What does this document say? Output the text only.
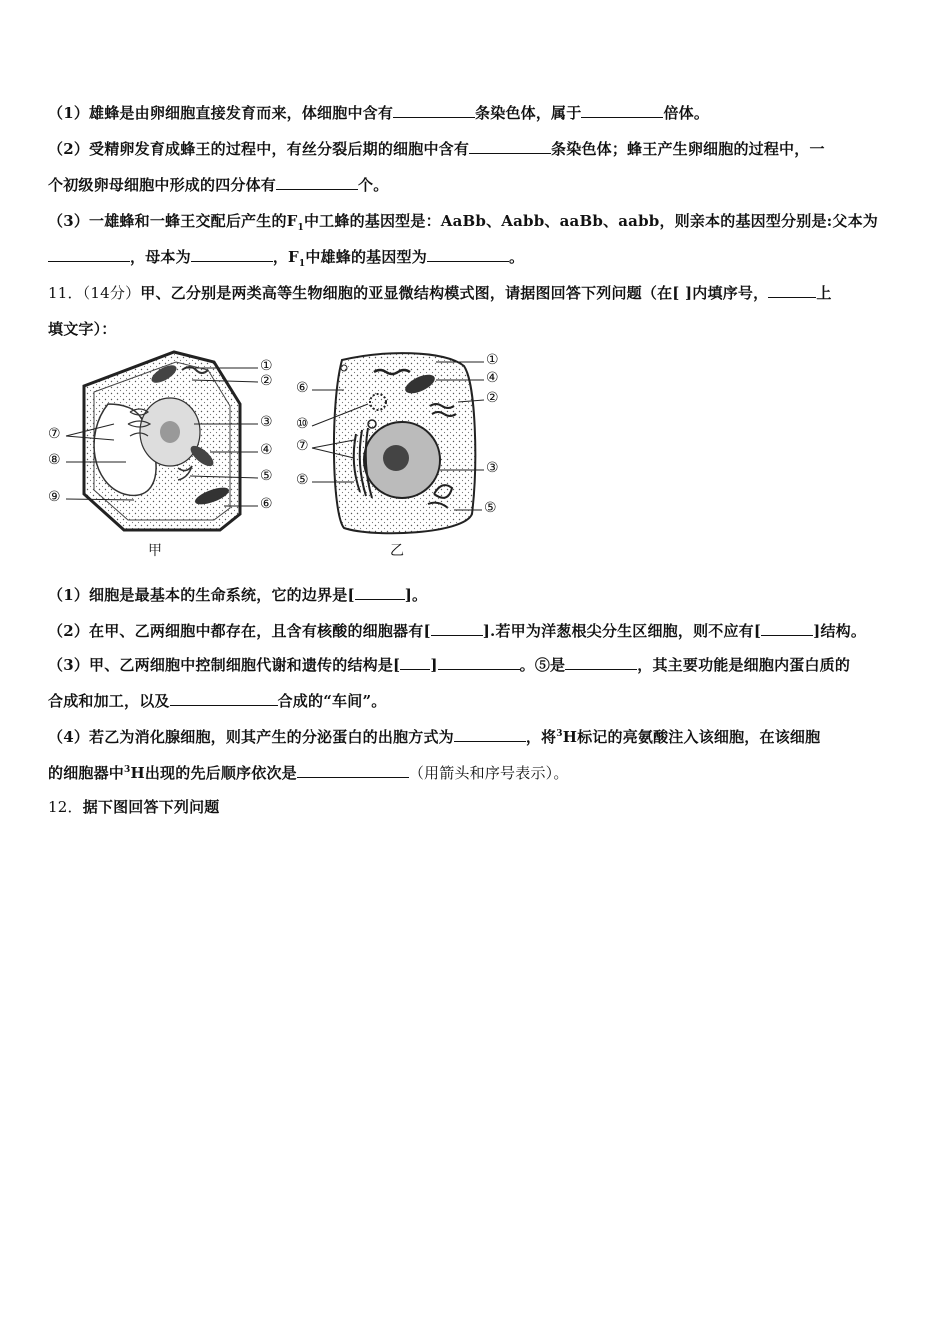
（1）雄蜂是由卵细胞直接发育而来，体细胞中含有	条染色体，属于	倍体。
（2）受精卵发育成蜂王的过程中，有丝分裂后期的细胞中含有	条染色体；蜂王产生卵细胞的过程中，一
个初级卵母细胞中形成的四分体有	个。
（3）一雄蜂和一蜂王交配后产生的$F_1$中工蜂的基因型是：AaBb、Aabb、aaBb、aabb，则亲本的基因型分别是:父本为
，母本为	，$F_1$中雄蜂的基因型为	。
11．（14分）甲、乙分别是两类高等生物细胞的亚显微结构模式图，请据图回答下列问题（在[ ]内填序号，	上
填文字）：
①
②
③
④
⑤
⑥
⑦
⑧
⑨
①
④
②
⑥
⑩
⑦
⑤
③
⑤
甲	乙
（1）细胞是最基本的生命系统，它的边界是[	]。
（2）在甲、乙两细胞中都存在，且含有核酸的细胞器有[	].若甲为洋葱根尖分生区细胞，则不应有[	]结构。
（3）甲、乙两细胞中控制细胞代谢和遗传的结构是[ ]	。⑤是	，其主要功能是细胞内蛋白质的
合成和加工，以及	合成的“车间”。
（4）若乙为消化腺细胞，则其产生的分泌蛋白的出胞方式为	，将$^3$H标记的亮氨酸注入该细胞，在该细胞
的细胞器中$^3$H出现的先后顺序依次是	（用箭头和序号表示）。
12．据下图回答下列问题
